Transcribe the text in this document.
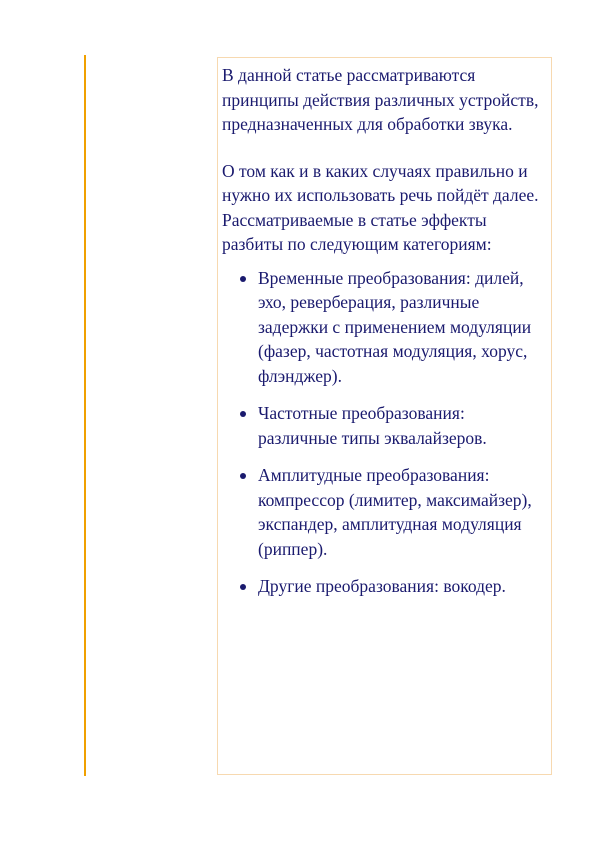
В данной статье рассматриваются принципы действия различных устройств, предназначенных для обработки звука.

О том как и в каких случаях правильно и нужно их использовать речь пойдёт далее.

Рассматриваемые в статье эффекты разбиты по следующим категориям:

Временные преобразования: дилей, эхо, реверберация, различные задержки с применением модуляции (фазер, частотная модуляция, хорус, флэнджер).
Частотные преобразования: различные типы эквалайзеров.
Амплитудные преобразования: компрессор (лимитер, максимайзер), экспандер, амплитудная модуляция (риппер).
Другие преобразования: вокодер.
